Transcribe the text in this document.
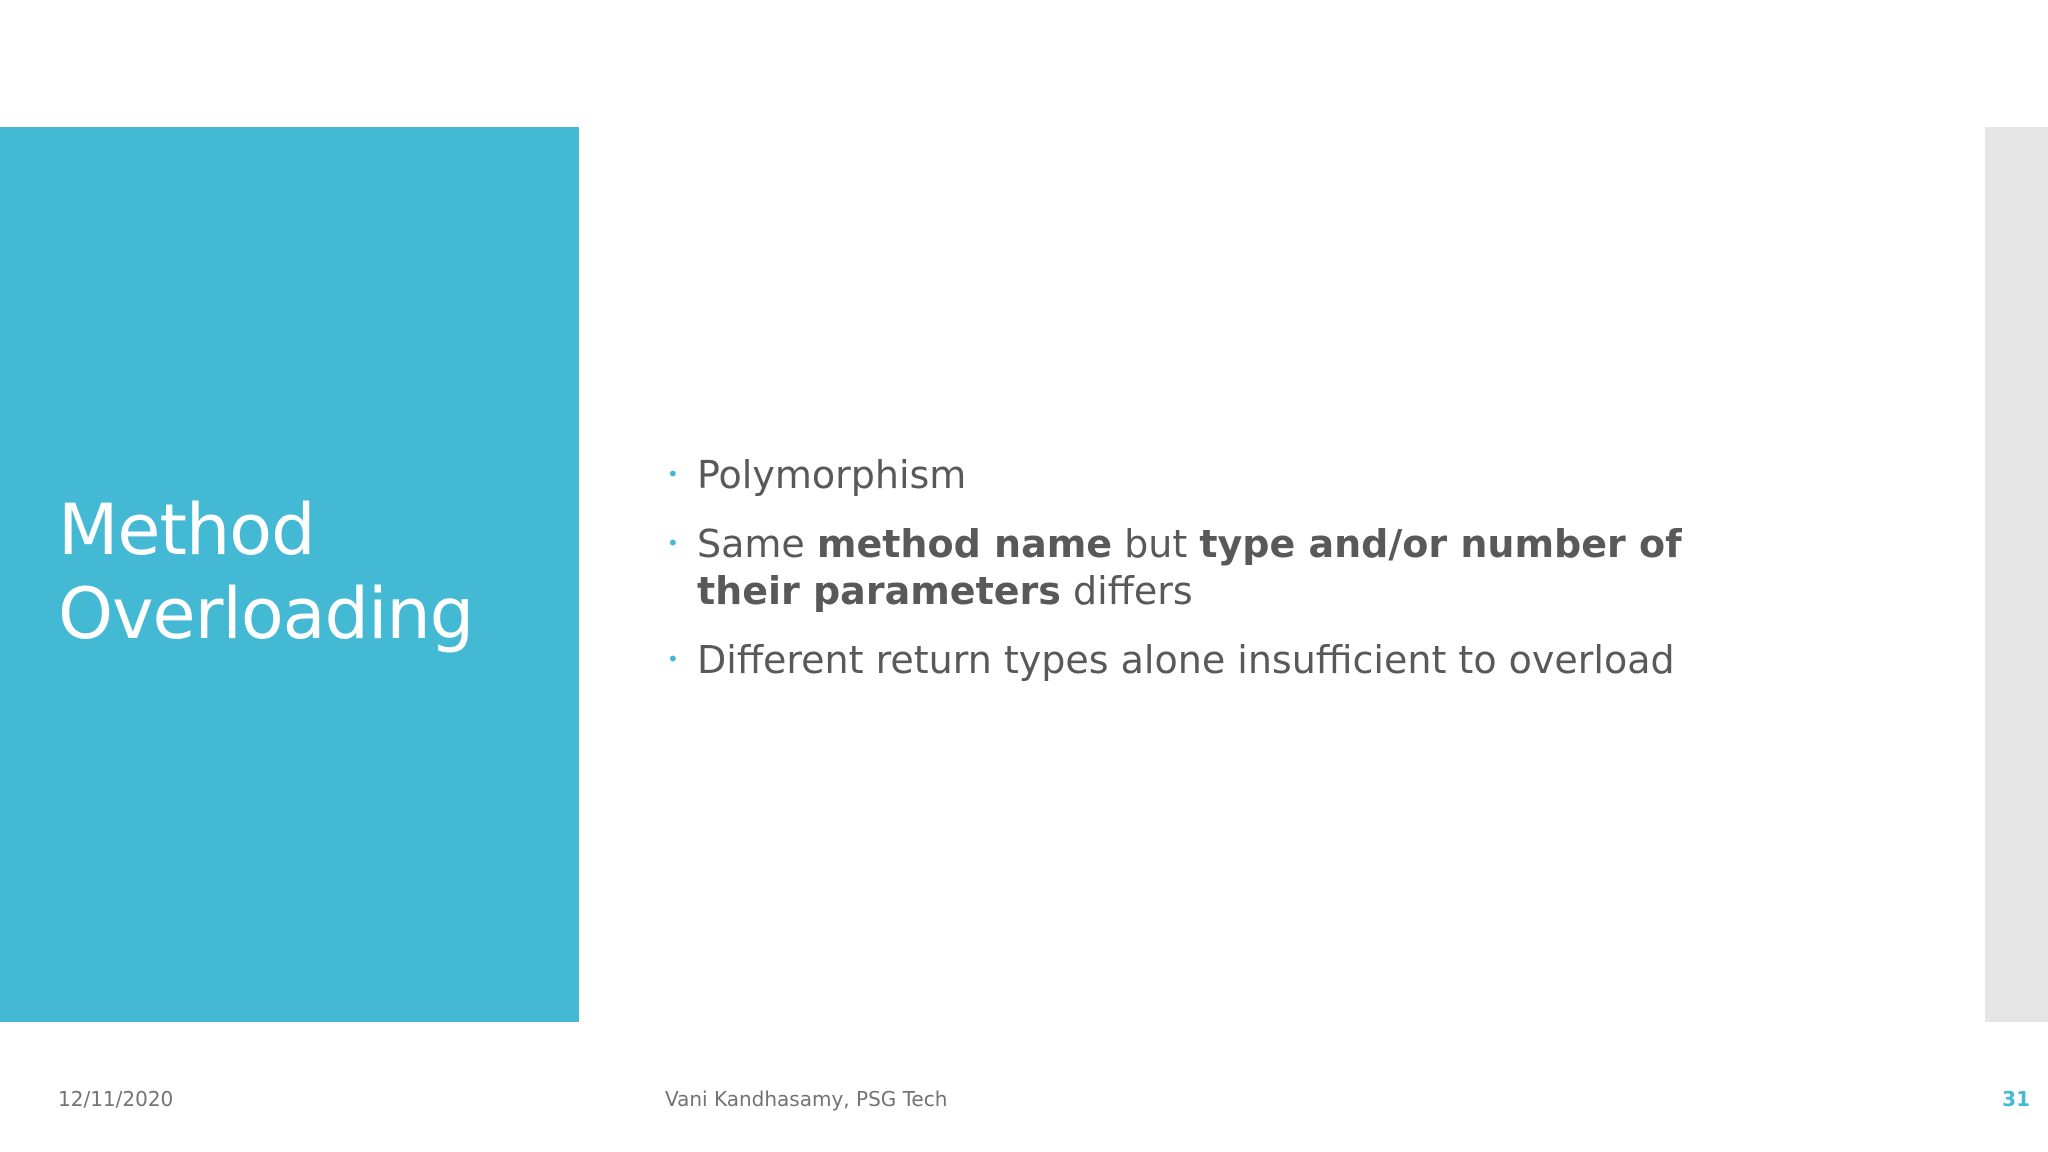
Method
Overloading
• Polymorphism
• Same method name but type and/or number of their parameters differs
• Different return types alone insufficient to overload
12/11/2020	Vani Kandhasamy, PSG Tech	31
